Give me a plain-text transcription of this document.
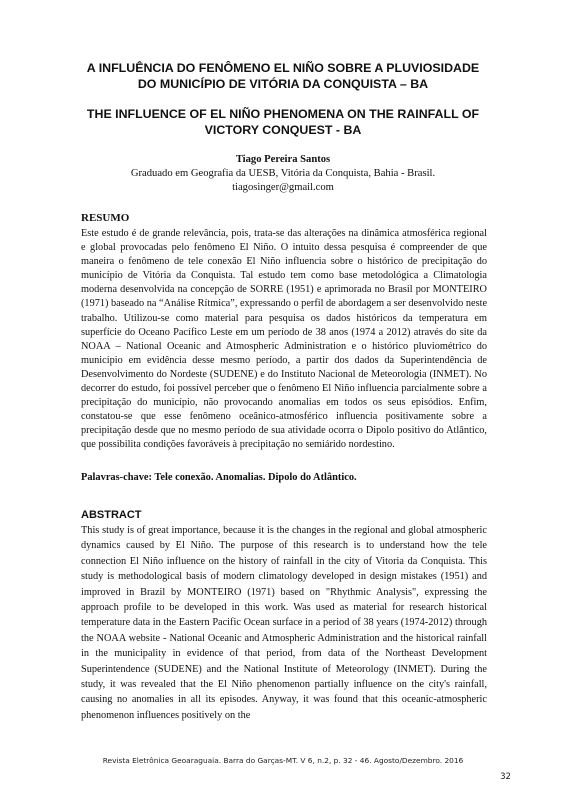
A INFLUÊNCIA DO FENÔMENO EL NIÑO SOBRE A PLUVIOSIDADE
DO MUNICÍPIO DE VITÓRIA DA CONQUISTA – BA
THE INFLUENCE OF EL NIÑO PHENOMENA ON THE RAINFALL OF
VICTORY CONQUEST - BA
Tiago Pereira Santos
Graduado em Geografia da UESB, Vitória da Conquista, Bahia - Brasil.
tiagosinger@gmail.com
RESUMO

Este estudo é de grande relevância, pois, trata-se das alterações na dinâmica atmosférica regional e global provocadas pelo fenômeno El Niño. O intuito dessa pesquisa é compreender de que maneira o fenômeno de tele conexão El Niño influencia sobre o histórico de precipitação do município de Vitória da Conquista. Tal estudo tem como base metodológica a Climatologia moderna desenvolvida na concepção de SORRE (1951) e aprimorada no Brasil por MONTEIRO (1971) baseado na “Análise Rítmica”, expressando o perfil de abordagem a ser desenvolvido neste trabalho. Utilizou-se como material para pesquisa os dados históricos da temperatura em superfície do Oceano Pacífico Leste em um período de 38 anos (1974 a 2012) através do site da NOAA – National Oceanic and Atmospheric Administration e o histórico pluviométrico do município em evidência desse mesmo período, a partir dos dados da Superintendência de Desenvolvimento do Nordeste (SUDENE) e do Instituto Nacional de Meteorologia (INMET). No decorrer do estudo, foi possível perceber que o fenômeno El Niño influencia parcialmente sobre a precipitação do município, não provocando anomalias em todos os seus episódios. Enfim, constatou-se que esse fenômeno oceânico-atmosférico influencia positivamente sobre a precipitação desde que no mesmo período de sua atividade ocorra o Dipolo positivo do Atlântico, que possibilita condições favoráveis à precipitação no semiárido nordestino.

Palavras-chave: Tele conexão. Anomalias. Dipolo do Atlântico.
ABSTRACT

This study is of great importance, because it is the changes in the regional and global atmospheric dynamics caused by El Niño. The purpose of this research is to understand how the tele connection El Niño influence on the history of rainfall in the city of Vitoria da Conquista. This study is methodological basis of modern climatology developed in design mistakes (1951) and improved in Brazil by MONTEIRO (1971) based on "Rhythmic Analysis", expressing the approach profile to be developed in this work. Was used as material for research historical temperature data in the Eastern Pacific Ocean surface in a period of 38 years (1974-2012) through the NOAA website - National Oceanic and Atmospheric Administration and the historical rainfall in the municipality in evidence of that period, from data of the Northeast Development Superintendence (SUDENE) and the National Institute of Meteorology (INMET). During the study, it was revealed that the El Niño phenomenon partially influence on the city's rainfall, causing no anomalies in all its episodes. Anyway, it was found that this oceanic-atmospheric phenomenon influences positively on the

Revista Eletrônica Geoaraguaia. Barra do Garças-MT. V 6, n.2, p. 32 - 46. Agosto/Dezembro. 2016
32
